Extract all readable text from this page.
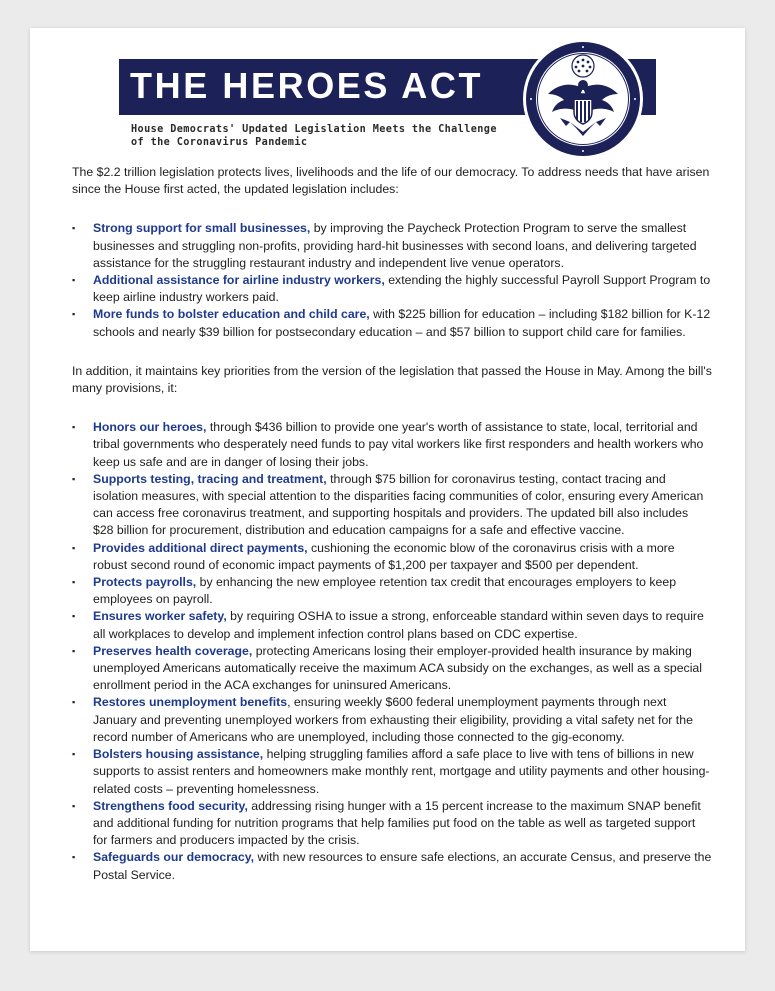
THE HEROES ACT
House Democrats' Updated Legislation Meets the Challenge
of the Coronavirus Pandemic

The $2.2 trillion legislation protects lives, livelihoods and the life of our democracy. To address needs that have arisen since the House first acted, the updated legislation includes:

▪ Strong support for small businesses, by improving the Paycheck Protection Program to serve the smallest businesses and struggling non-profits, providing hard-hit businesses with second loans, and delivering targeted assistance for the struggling restaurant industry and independent live venue operators.
▪ Additional assistance for airline industry workers, extending the highly successful Payroll Support Program to keep airline industry workers paid.
▪ More funds to bolster education and child care, with $225 billion for education – including $182 billion for K-12 schools and nearly $39 billion for postsecondary education – and $57 billion to support child care for families.

In addition, it maintains key priorities from the version of the legislation that passed the House in May. Among the bill's many provisions, it:

▪ Honors our heroes, through $436 billion to provide one year's worth of assistance to state, local, territorial and tribal governments who desperately need funds to pay vital workers like first responders and health workers who keep us safe and are in danger of losing their jobs.
▪ Supports testing, tracing and treatment, through $75 billion for coronavirus testing, contact tracing and isolation measures, with special attention to the disparities facing communities of color, ensuring every American can access free coronavirus treatment, and supporting hospitals and providers. The updated bill also includes $28 billion for procurement, distribution and education campaigns for a safe and effective vaccine.
▪ Provides additional direct payments, cushioning the economic blow of the coronavirus crisis with a more robust second round of economic impact payments of $1,200 per taxpayer and $500 per dependent.
▪ Protects payrolls, by enhancing the new employee retention tax credit that encourages employers to keep employees on payroll.
▪ Ensures worker safety, by requiring OSHA to issue a strong, enforceable standard within seven days to require all workplaces to develop and implement infection control plans based on CDC expertise.
▪ Preserves health coverage, protecting Americans losing their employer-provided health insurance by making unemployed Americans automatically receive the maximum ACA subsidy on the exchanges, as well as a special enrollment period in the ACA exchanges for uninsured Americans.
▪ Restores unemployment benefits, ensuring weekly $600 federal unemployment payments through next January and preventing unemployed workers from exhausting their eligibility, providing a vital safety net for the record number of Americans who are unemployed, including those connected to the gig-economy.
▪ Bolsters housing assistance, helping struggling families afford a safe place to live with tens of billions in new supports to assist renters and homeowners make monthly rent, mortgage and utility payments and other housing-related costs – preventing homelessness.
▪ Strengthens food security, addressing rising hunger with a 15 percent increase to the maximum SNAP benefit and additional funding for nutrition programs that help families put food on the table as well as targeted support for farmers and producers impacted by the crisis.
▪ Safeguards our democracy, with new resources to ensure safe elections, an accurate Census, and preserve the Postal Service.
